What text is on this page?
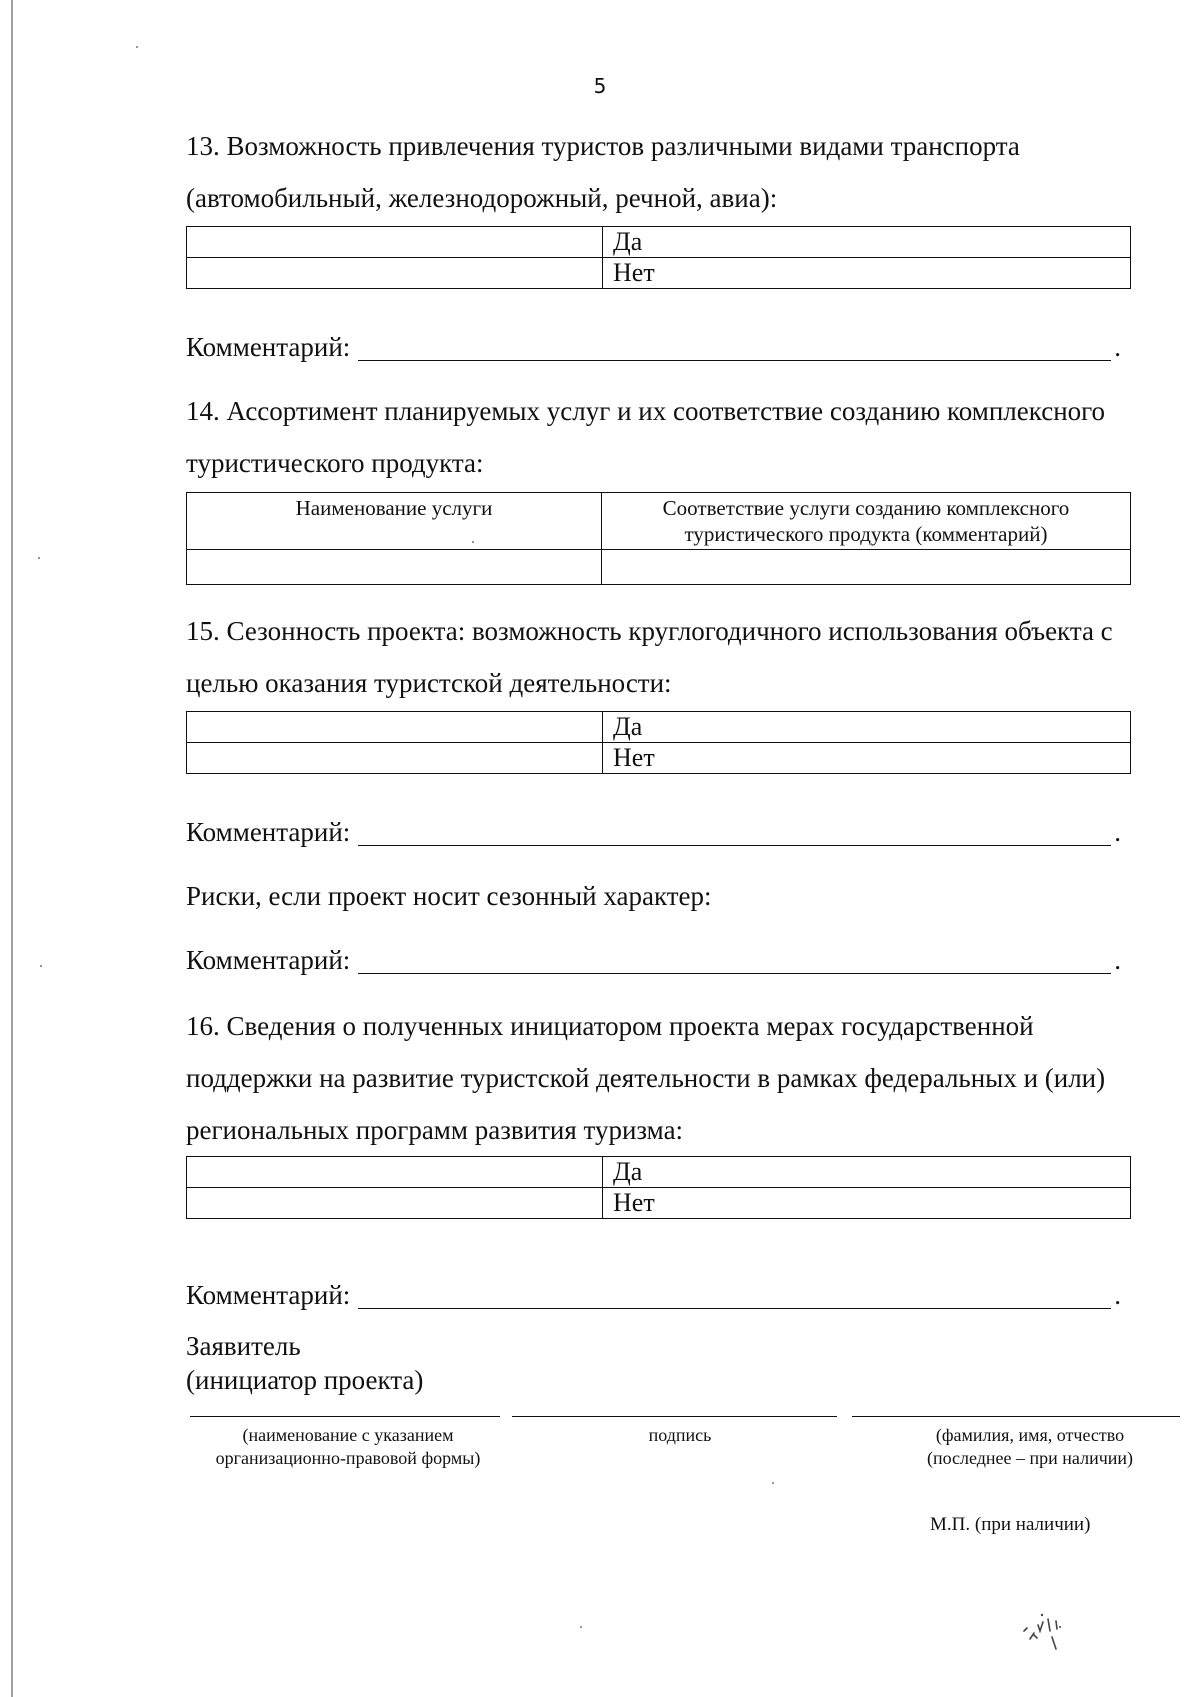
5

13. Возможность привлечения туристов различными видами транспорта (автомобильный, железнодорожный, речной, авиа):

	Да
	Нет
Комментарий:	.

14. Ассортимент планируемых услуг и их соответствие созданию комплексного туристического продукта:

Наименование услуги	Соответствие услуги созданию комплексного туристического продукта (комментарий)

15. Сезонность проекта: возможность круглогодичного использования объекта с целью оказания туристской деятельности:

	Да
	Нет
Комментарий:	.
Риски, если проект носит сезонный характер:
Комментарий:	.

16. Сведения о полученных инициатором проекта мерах государственной поддержки на развитие туристской деятельности в рамках федеральных и (или) региональных программ развития туризма:

	Да
	Нет
Комментарий:	.
Заявитель
(инициатор проекта)
(наименование с указанием организационно-правовой формы)
подпись	(фамилия, имя, отчество (последнее – при наличии)
М.П. (при наличии)
